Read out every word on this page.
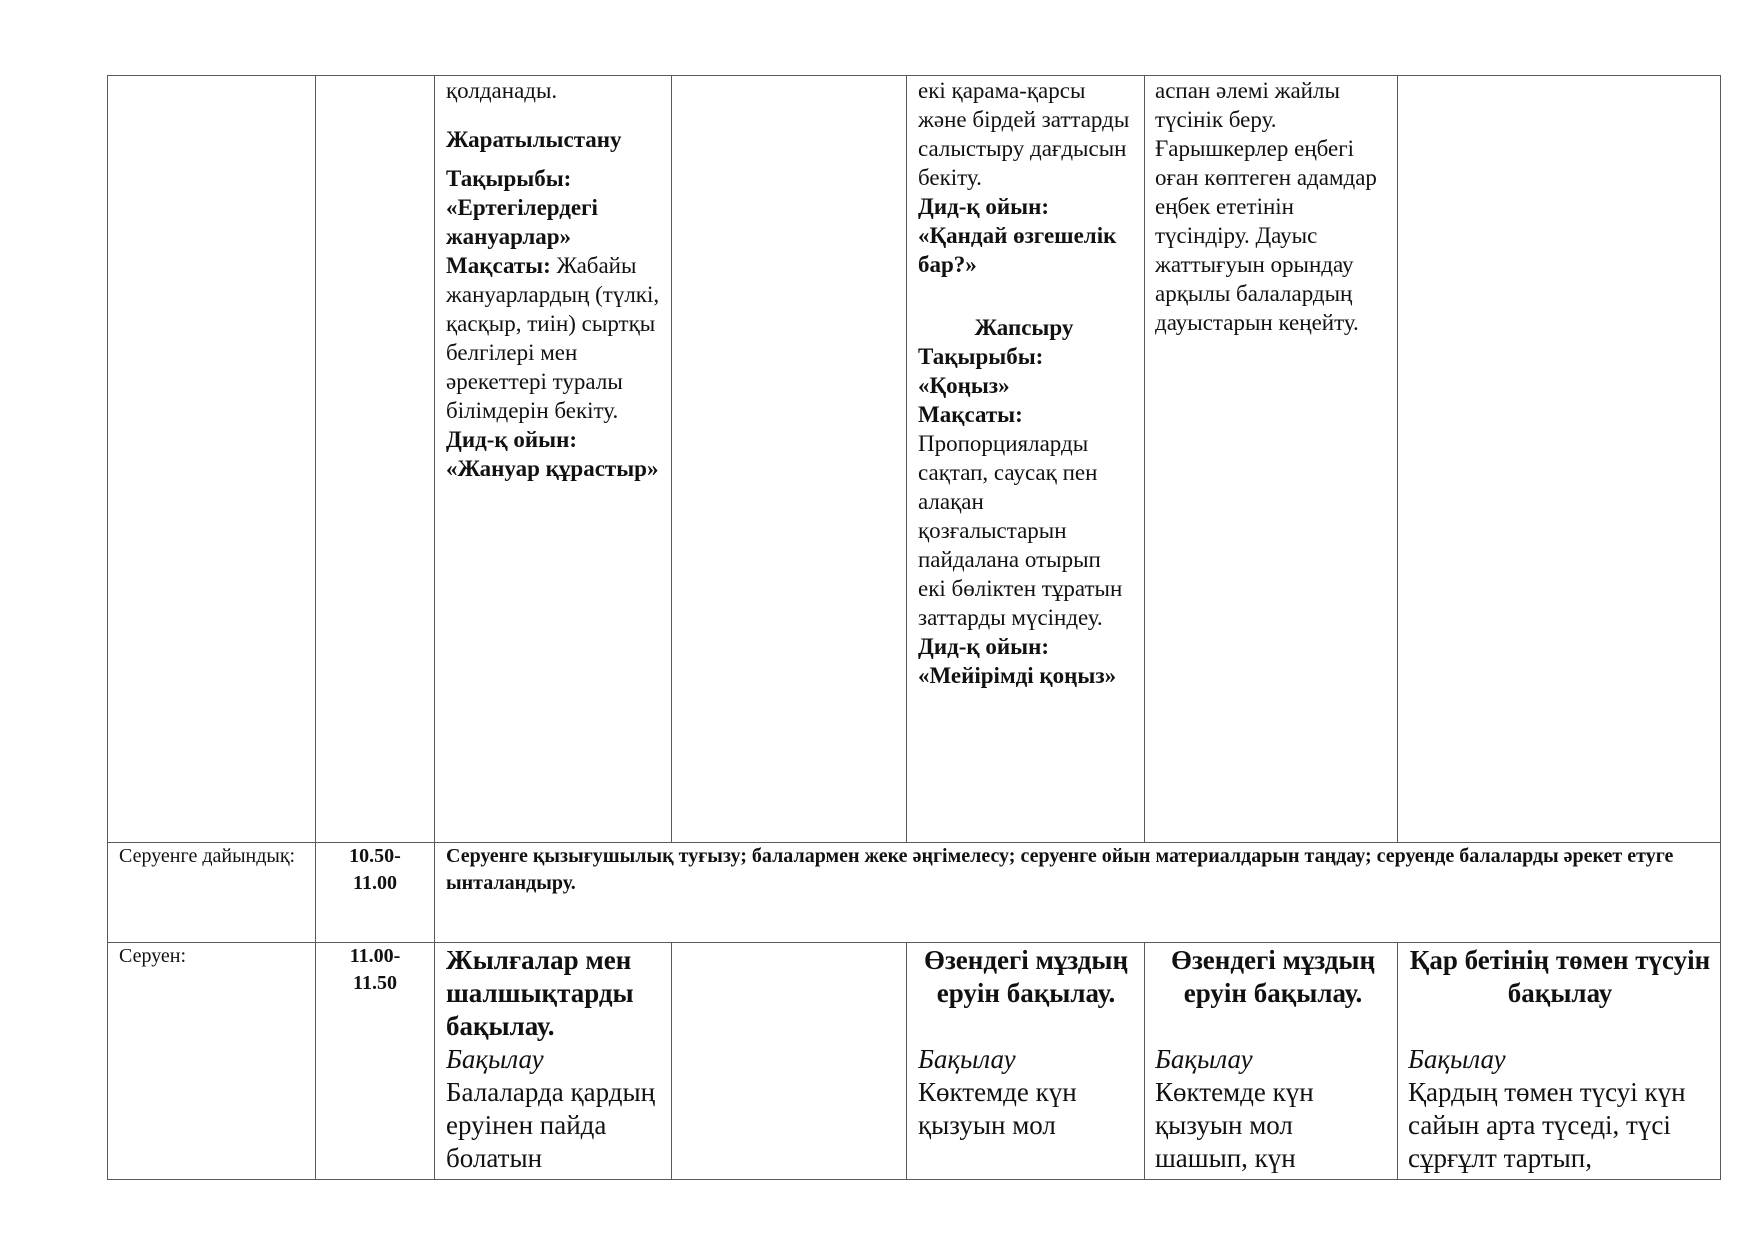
қолданады.
Жаратылыстану
Тақырыбы:
«Ертегілердегі жануарлар»
Мақсаты: Жабайы жануарлардың (түлкі, қасқыр, тиін) сыртқы белгілері мен әрекеттері туралы білімдерін бекіту.
Дид-қ ойын:
«Жануар құрастыр»
екі қарама-қарсы және бірдей заттарды салыстыру дағдысын бекіту.
Дид-қ ойын:
«Қандай өзгешелік бар?»
Жапсыру
Тақырыбы:
«Қоңыз»
Мақсаты:
Пропорцияларды сақтап, саусақ пен алақан қозғалыстарын пайдалана отырып екі бөліктен тұратын заттарды мүсіндеу.
Дид-қ ойын:
«Мейірімді қоңыз»
аспан әлемі жайлы түсінік беру. Ғарышкерлер еңбегі оған көптеген адамдар еңбек ететінін түсіндіру. Дауыс жаттығуын орындау арқылы балалардың дауыстарын кеңейту.
Серуенге дайындық:	10.50-11.00
Серуенге қызығушылық туғызу; балалармен жеке әңгімелесу; серуенге ойын материалдарын таңдау; серуенде балаларды әрекет етуге ынталандыру.
Серуен:	11.00-11.50
Жылғалар мен шалшықтарды бақылау.
Бақылау
Балаларда қардың еруінен пайда болатын
Өзендегі мұздың еруін бақылау.
Бақылау
Көктемде күн қызуын мол
Өзендегі мұздың еруін бақылау.
Бақылау
Көктемде күн қызуын мол шашып, күн
Қар бетінің төмен түсуін бақылау
Бақылау
Қардың төмен түсуі күн сайын арта түседі, түсі сұрғұлт тартып,
